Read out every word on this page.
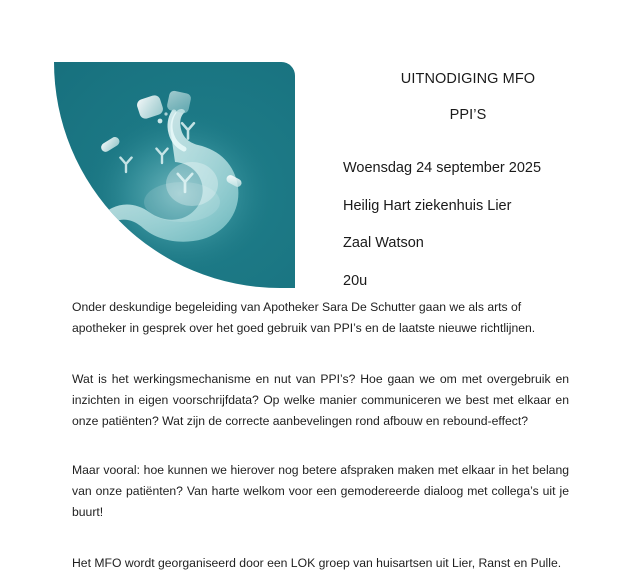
UITNODIGING MFO

PPI’S

Woensdag 24 september 2025

Heilig Hart ziekenhuis Lier

Zaal Watson

20u

Onder deskundige begeleiding van Apotheker Sara De Schutter gaan we als arts of apotheker in gesprek over het goed gebruik van PPI’s en de laatste nieuwe richtlijnen.

Wat is het werkingsmechanisme en nut van PPI’s? Hoe gaan we om met overgebruik en inzichten in eigen voorschrijfdata? Op welke manier communiceren we best met elkaar en onze patiënten? Wat zijn de correcte aanbevelingen rond afbouw en rebound-effect?

Maar vooral: hoe kunnen we hierover nog betere afspraken maken met elkaar in het belang van onze patiënten? Van harte welkom voor een gemodereerde dialoog met collega’s uit je buurt!

Het MFO wordt georganiseerd door een LOK groep van huisartsen uit Lier, Ranst en Pulle.
